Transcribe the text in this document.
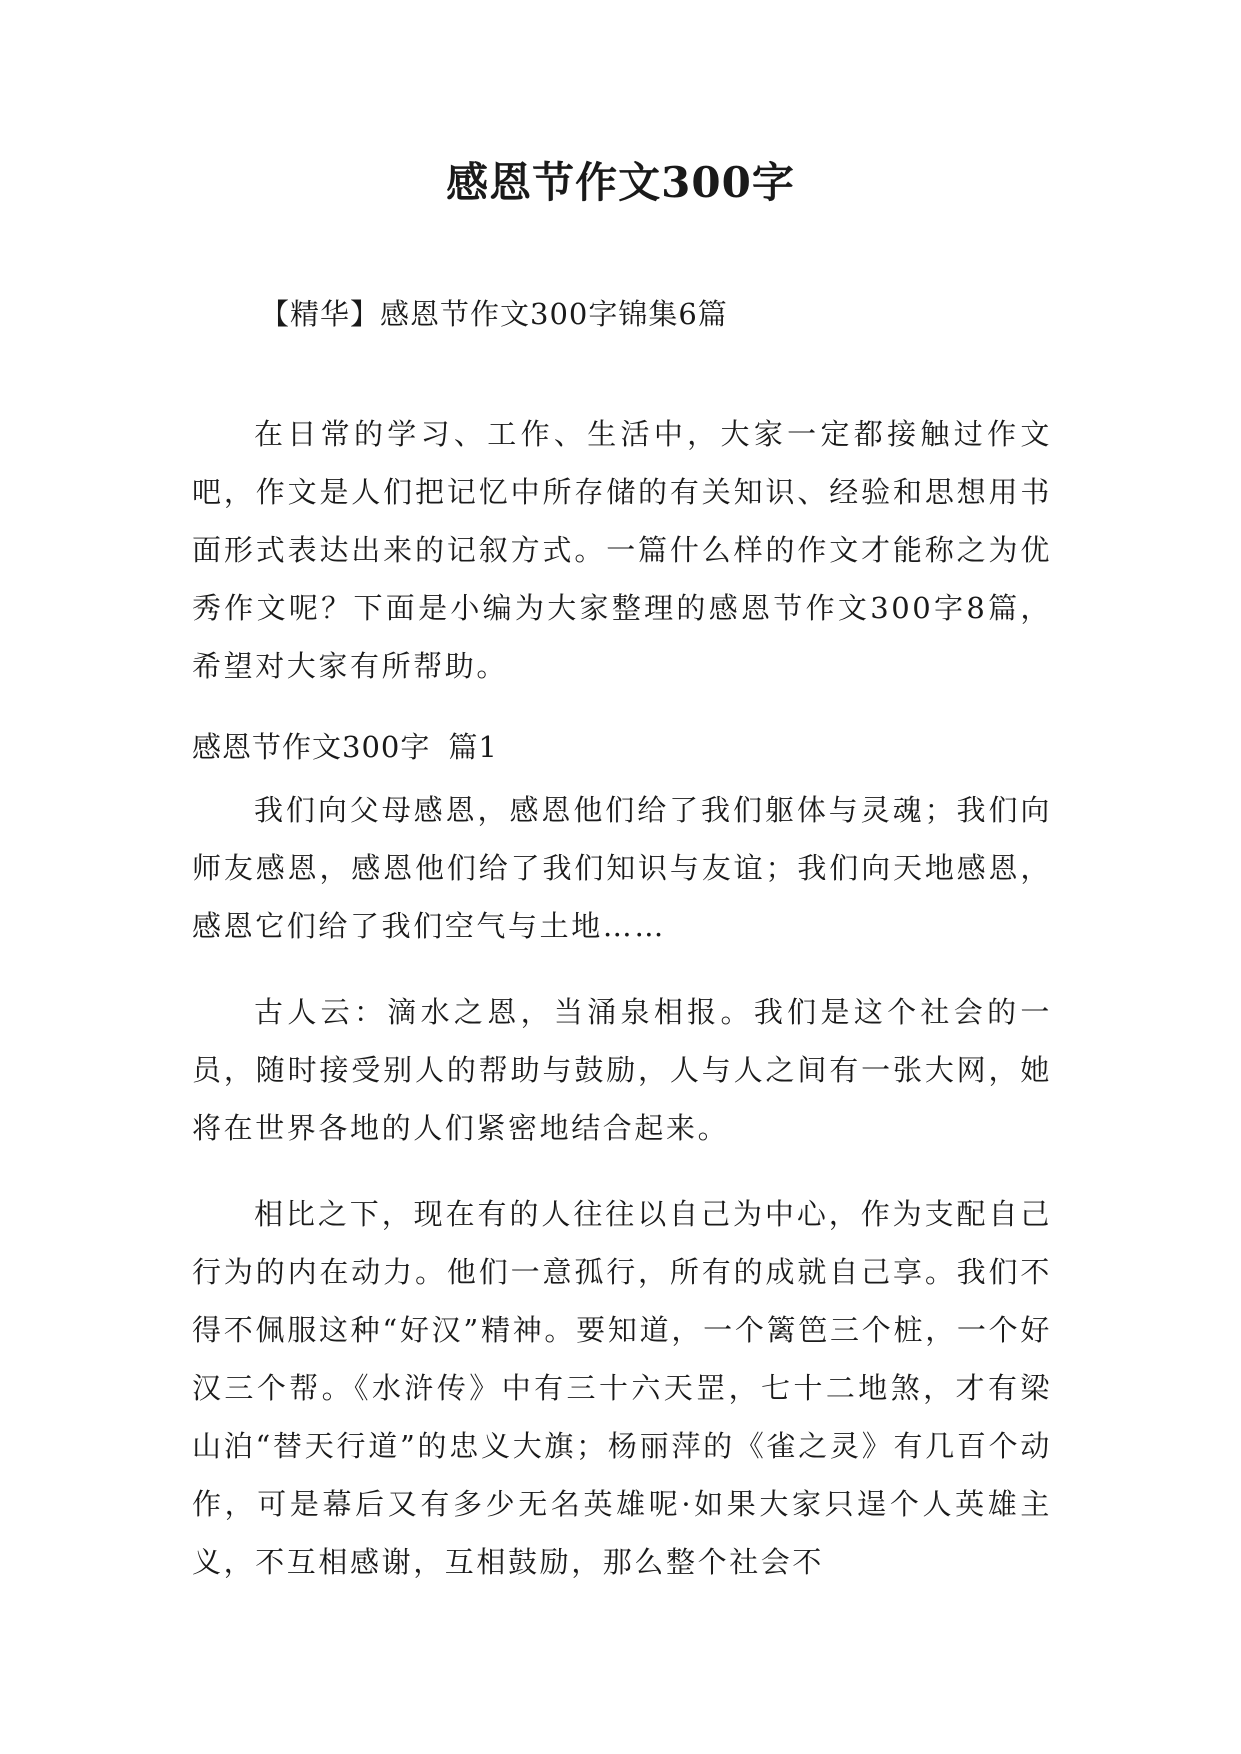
感恩节作文300字

【精华】感恩节作文300字锦集6篇

在日常的学习、工作、生活中，大家一定都接触过作文吧，作文是人们把记忆中所存储的有关知识、经验和思想用书面形式表达出来的记叙方式。一篇什么样的作文才能称之为优秀作文呢？下面是小编为大家整理的感恩节作文300字8篇，希望对大家有所帮助。

感恩节作文300字 篇1

我们向父母感恩，感恩他们给了我们躯体与灵魂；我们向师友感恩，感恩他们给了我们知识与友谊；我们向天地感恩，感恩它们给了我们空气与土地……

古人云：滴水之恩，当涌泉相报。我们是这个社会的一员，随时接受别人的帮助与鼓励，人与人之间有一张大网，她将在世界各地的人们紧密地结合起来。

相比之下，现在有的人往往以自己为中心，作为支配自己行为的内在动力。他们一意孤行，所有的成就自己享。我们不得不佩服这种“好汉”精神。要知道，一个篱笆三个桩，一个好汉三个帮。《水浒传》中有三十六天罡，七十二地煞，才有梁山泊“替天行道”的忠义大旗；杨丽萍的《雀之灵》有几百个动作，可是幕后又有多少无名英雄呢·如果大家只逞个人英雄主义，不互相感谢，互相鼓励，那么整个社会不
